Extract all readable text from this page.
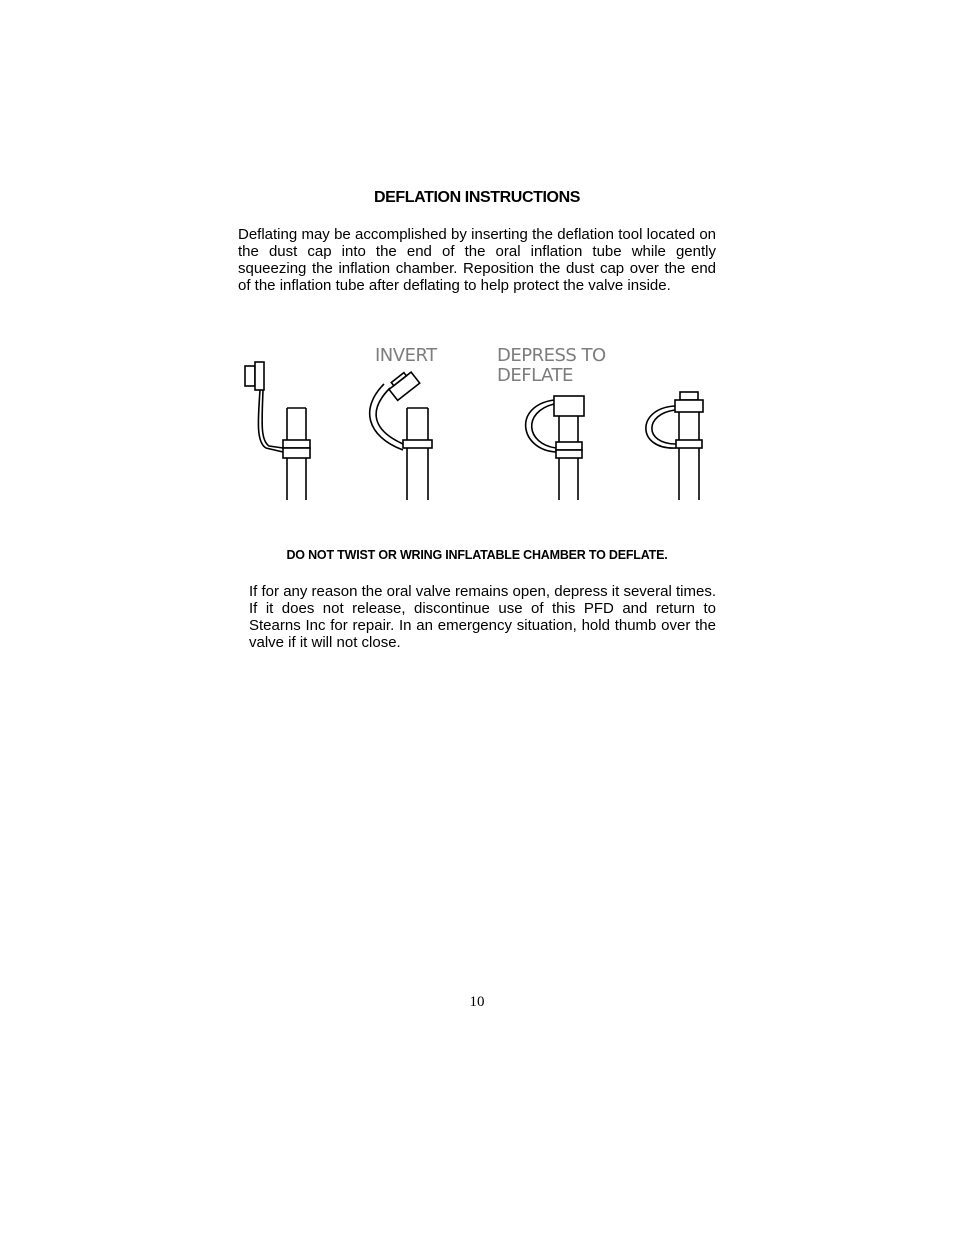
DEFLATION INSTRUCTIONS
Deflating may be accomplished by inserting the deflation tool located on the dust cap into the end of the oral inflation tube while gently squeezing the inflation chamber. Reposition the dust cap over the end of the inflation tube after deflating to help protect the valve inside.
INVERT	DEPRESS TO DEFLATE
DO NOT TWIST OR WRING INFLATABLE CHAMBER TO DEFLATE.
If for any reason the oral valve remains open, depress it several times. If it does not release, discontinue use of this PFD and return to Stearns Inc for repair. In an emergency situation, hold thumb over the valve if it will not close.
10
